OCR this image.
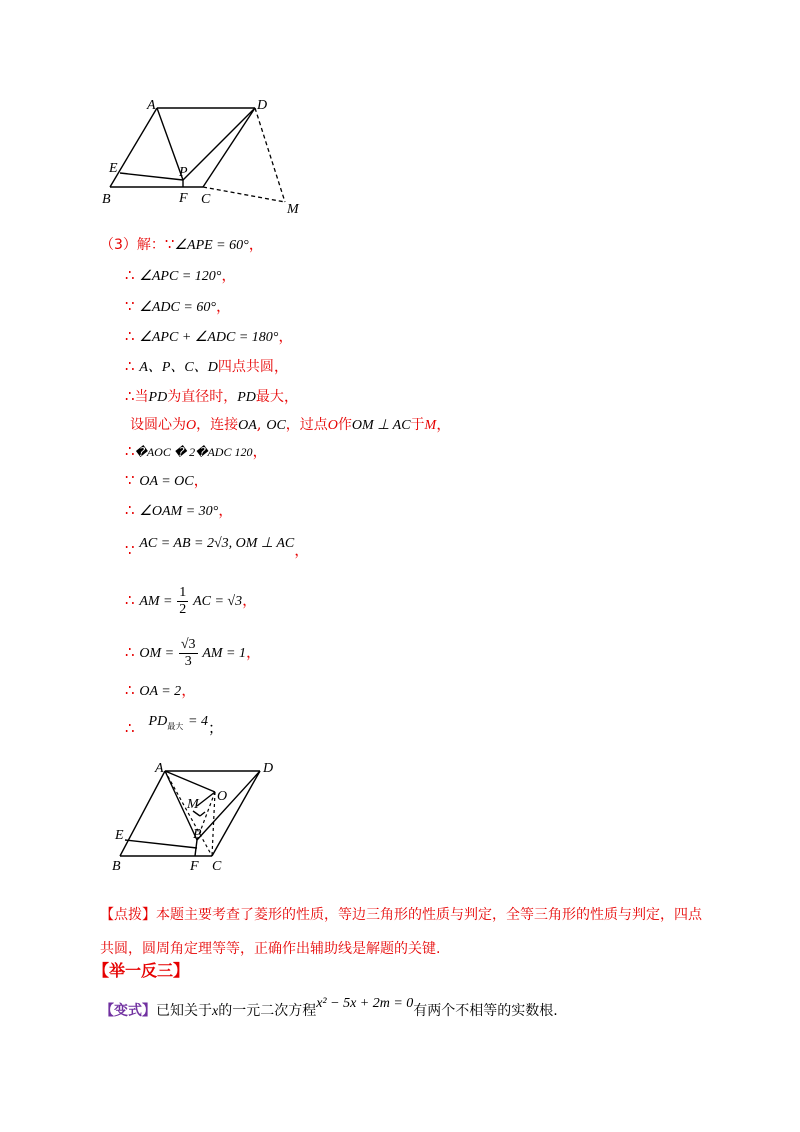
A	D
E	P
B	F C
M
（3）解：∵∠APE = 60°，
∴ ∠APC = 120°，
∵ ∠ADC = 60°，
∴ ∠APC + ∠ADC = 180°，
∴ A、P、C、D四点共圆，
∴当PD为直径时，PD最大，
设圆心为O，连接OA, OC，过点O作OM ⊥ AC于M，
∴�AOC � 2�ADC 120，
∵ OA = OC，
∴ ∠OAM = 30°，
∵ AC = AB = 2√3, OM ⊥ AC，
∴ AM = $\frac{1}{2}$ AC = √3，
∴ OM = $\frac{√3}{3}$ AM = 1，
∴ OA = 2，
∴ $PD_{最大} = 4$；
A	D
M
O
E	P
B	F C
【点拨】本题主要考查了菱形的性质，等边三角形的性质与判定，全等三角形的性质与判定，四点共圆，圆周角定理等等，正确作出辅助线是解题的关键.
【举一反三】
【变式】已知关于x的一元二次方程x² − 5x + 2m = 0有两个不相等的实数根.
